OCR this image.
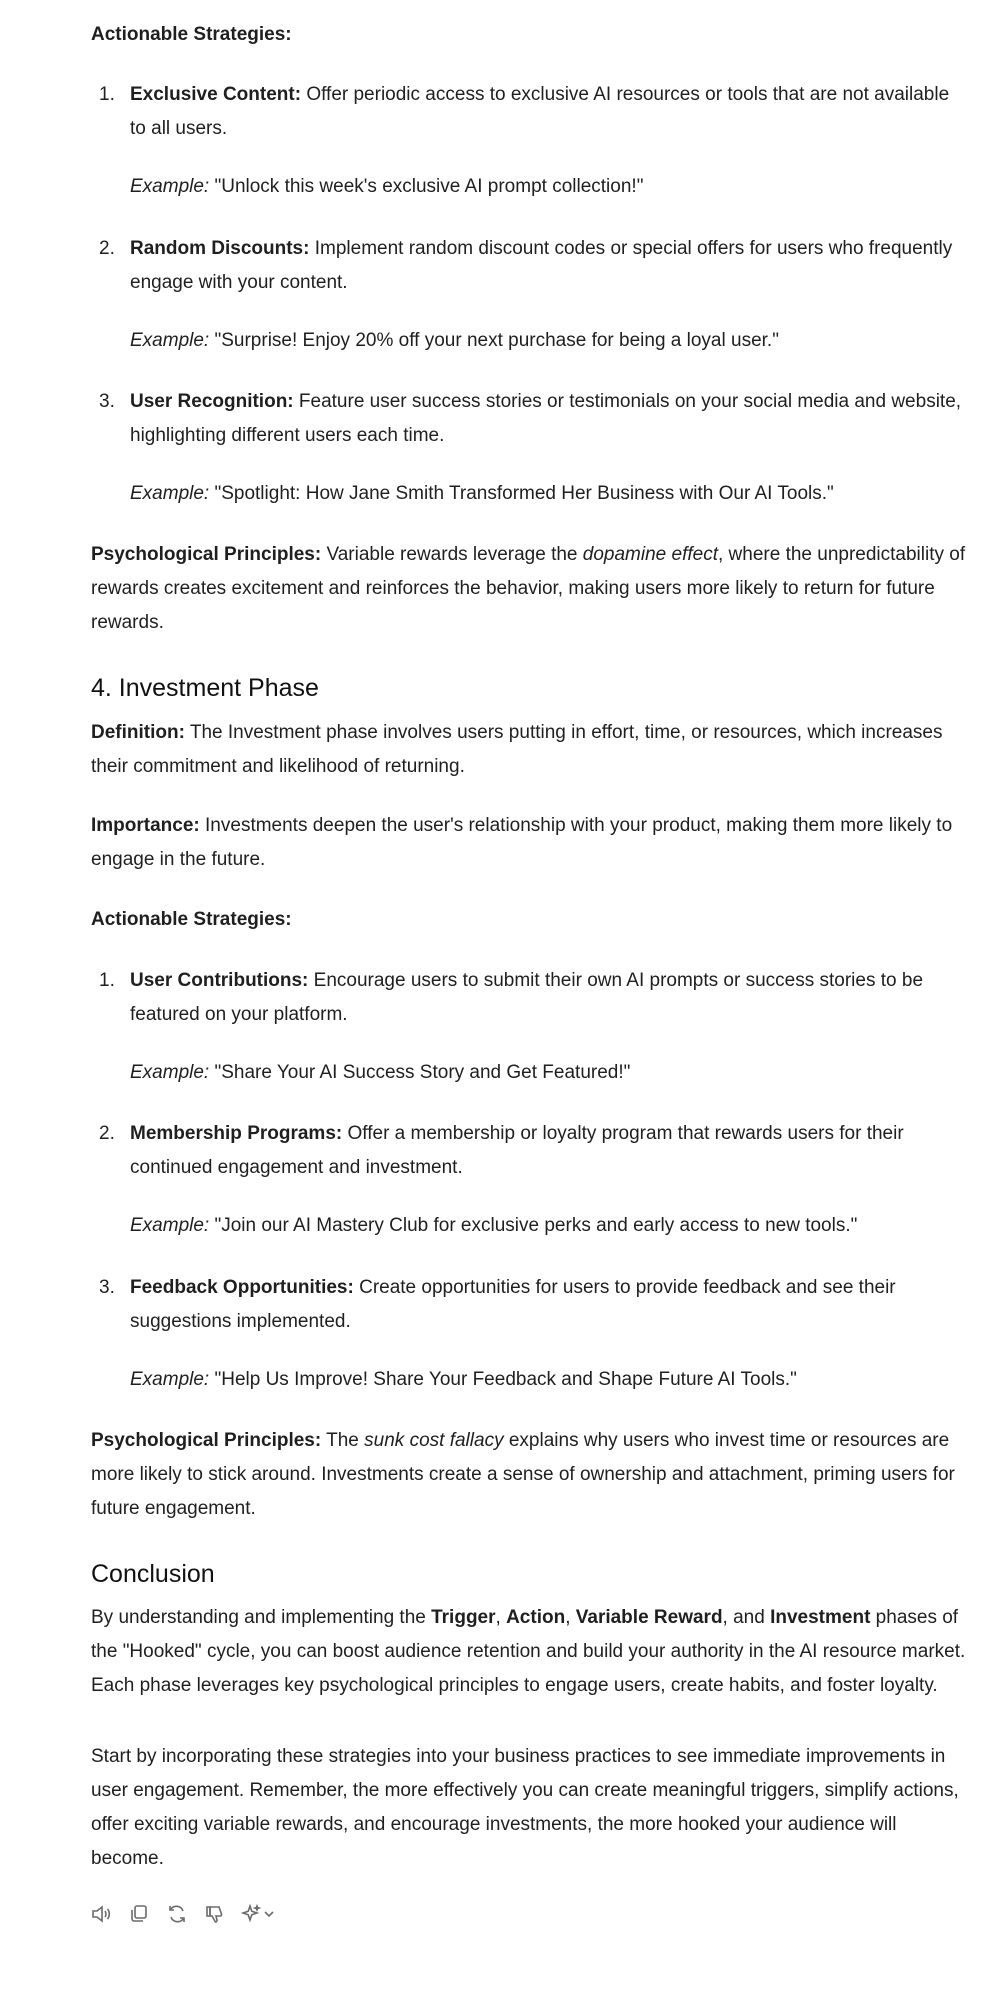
Actionable Strategies:

1. Exclusive Content: Offer periodic access to exclusive AI resources or tools that are not available to all users.

Example: "Unlock this week's exclusive AI prompt collection!"

2. Random Discounts: Implement random discount codes or special offers for users who frequently engage with your content.

Example: "Surprise! Enjoy 20% off your next purchase for being a loyal user."

3. User Recognition: Feature user success stories or testimonials on your social media and website, highlighting different users each time.

Example: "Spotlight: How Jane Smith Transformed Her Business with Our AI Tools."

Psychological Principles: Variable rewards leverage the dopamine effect, where the unpredictability of rewards creates excitement and reinforces the behavior, making users more likely to return for future rewards.

4. Investment Phase

Definition: The Investment phase involves users putting in effort, time, or resources, which increases their commitment and likelihood of returning.

Importance: Investments deepen the user's relationship with your product, making them more likely to engage in the future.

Actionable Strategies:

1. User Contributions: Encourage users to submit their own AI prompts or success stories to be featured on your platform.

Example: "Share Your AI Success Story and Get Featured!"

2. Membership Programs: Offer a membership or loyalty program that rewards users for their continued engagement and investment.

Example: "Join our AI Mastery Club for exclusive perks and early access to new tools."

3. Feedback Opportunities: Create opportunities for users to provide feedback and see their suggestions implemented.

Example: "Help Us Improve! Share Your Feedback and Shape Future AI Tools."

Psychological Principles: The sunk cost fallacy explains why users who invest time or resources are more likely to stick around. Investments create a sense of ownership and attachment, priming users for future engagement.

Conclusion

By understanding and implementing the Trigger, Action, Variable Reward, and Investment phases of the "Hooked" cycle, you can boost audience retention and build your authority in the AI resource market. Each phase leverages key psychological principles to engage users, create habits, and foster loyalty.

Start by incorporating these strategies into your business practices to see immediate improvements in user engagement. Remember, the more effectively you can create meaningful triggers, simplify actions, offer exciting variable rewards, and encourage investments, the more hooked your audience will become.
